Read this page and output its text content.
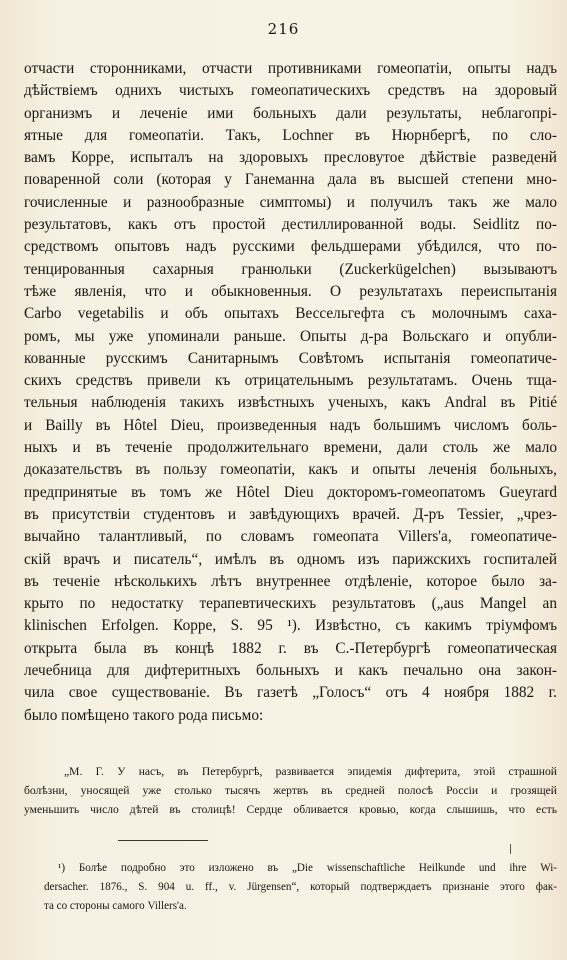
216
отчасти сторонниками, отчасти противниками гомеопатіи, опыты надъ
дѣйствіемъ однихъ чистыхъ гомеопатическихъ средствъ на здоровый
организмъ и леченіе ими больныхъ дали результаты, неблагопрі-
ятные для гомеопатіи. Такъ, Lochner въ Нюрнбергѣ, по сло-
вамъ Корре, испыталъ на здоровыхъ пресловутое дѣйствіе разведенй
поваренной соли (которая у Ганеманна дала въ высшей степени мно-
гочисленные и разнообразные симптомы) и получилъ такъ же мало
результатовъ, какъ отъ простой дестиллированной воды. Seidlitz по-
средствомъ опытовъ надъ русскими фельдшерами убѣдился, что по-
тенцированныя сахарныя гранюльки (Zuckerkügelchen) вызываютъ
тѣже явленія, что и обыкновенныя. О результатахъ переиспытанія
Carbo vegetabilis и объ опытахъ Вессельгефта съ молочнымъ саха-
ромъ, мы уже упоминали раньше. Опыты д-ра Вольскаго и опубли-
кованные русскимъ Санитарнымъ Совѣтомъ испытанія гомеопатиче-
скихъ средствъ привели къ отрицательнымъ результатамъ. Очень тща-
тельныя наблюденія такихъ извѣстныхъ ученыхъ, какъ Andral въ Pitié
и Bailly въ Hôtel Dieu, произведенныя надъ большимъ числомъ боль-
ныхъ и въ теченіе продолжительнаго времени, дали столь же мало
доказательствъ въ пользу гомеопатіи, какъ и опыты леченія больныхъ,
предпринятые въ томъ же Hôtel Dieu докторомъ-гомеопатомъ Gueyrard
въ присутствіи студентовъ и завѣдующихъ врачей. Д-ръ Tessier, „чрез-
вычайно талантливый, по словамъ гомеопата Villers'а, гомеопатиче-
скій врачъ и писатель“, имѣлъ въ одномъ изъ парижскихъ госпиталей
въ теченіе нѣсколькихъ лѣтъ внутреннее отдѣленіе, которое было за-
крыто по недостатку терапевтическихъ результатовъ („aus Mangel an
klinischen Erfolgen. Корре, S. 95 ¹). Извѣстно, съ какимъ тріумфомъ
открыта была въ концѣ 1882 г. въ С.-Петербургѣ гомеопатическая
лечебница для дифтеритныхъ больныхъ и какъ печально она закон-
чила свое существованіе. Въ газетѣ „Голосъ“ отъ 4 ноября 1882 г.
было помѣщено такого рода письмо:
„М. Г. У насъ, въ Петербургѣ, развивается эпидемія дифтерита, этой страшной
болѣзни, уносящей уже столько тысячъ жертвъ въ средней полосѣ Россіи и грозящей
уменьшить число дѣтей въ столицѣ! Сердце обливается кровью, когда слышишь, что есть
¹) Болѣе подробно это изложено въ „Die wissenschaftliche Heilkunde und ihre Wi-
dersacher. 1876., S. 904 u. ff., v. Jürgensen“, который подтверждаетъ признаніе этого фак-
та со стороны самого Villers'а.
